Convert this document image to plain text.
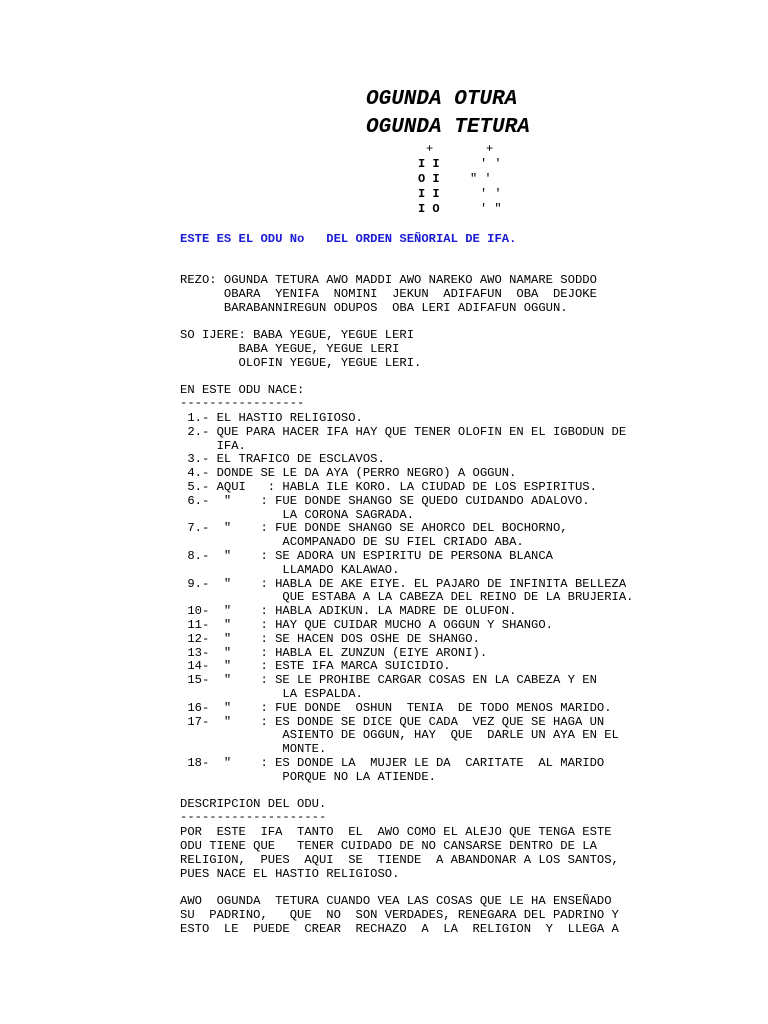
OGUNDA OTURA
OGUNDA TETURA
+	+
I I	' '
O I	" '
I I	' '
I O	' "
ESTE ES EL ODU No   DEL ORDEN SEÑORIAL DE IFA.
REZO: OGUNDA TETURA AWO MADDI AWO NAREKO AWO NAMARE SODDO
OBARA  YENIFA  NOMINI  JEKUN  ADIFAFUN  OBA  DEJOKE
BARABANNIREGUN ODUPOS  OBA LERI ADIFAFUN OGGUN.
SO IJERE: BABA YEGUE, YEGUE LERI
BABA YEGUE, YEGUE LERI
OLOFIN YEGUE, YEGUE LERI.
EN ESTE ODU NACE:
-----------------
1.- EL HASTIO RELIGIOSO.
2.- QUE PARA HACER IFA HAY QUE TENER OLOFIN EN EL IGBODUN DE
IFA.
3.- EL TRAFICO DE ESCLAVOS.
4.- DONDE SE LE DA AYA (PERRO NEGRO) A OGGUN.
5.- AQUI   : HABLA ILE KORO. LA CIUDAD DE LOS ESPIRITUS.
6.-  "    : FUE DONDE SHANGO SE QUEDO CUIDANDO ADALOVO.
LA CORONA SAGRADA.
7.-  "    : FUE DONDE SHANGO SE AHORCO DEL BOCHORNO,
ACOMPANADO DE SU FIEL CRIADO ABA.
8.-  "    : SE ADORA UN ESPIRITU DE PERSONA BLANCA
LLAMADO KALAWAO.
9.-  "    : HABLA DE AKE EIYE. EL PAJARO DE INFINITA BELLEZA
QUE ESTABA A LA CABEZA DEL REINO DE LA BRUJERIA.
10-  "    : HABLA ADIKUN. LA MADRE DE OLUFON.
11-  "    : HAY QUE CUIDAR MUCHO A OGGUN Y SHANGO.
12-  "    : SE HACEN DOS OSHE DE SHANGO.
13-  "    : HABLA EL ZUNZUN (EIYE ARONI).
14-  "    : ESTE IFA MARCA SUICIDIO.
15-  "    : SE LE PROHIBE CARGAR COSAS EN LA CABEZA Y EN
LA ESPALDA.
16-  "    : FUE DONDE  OSHUN  TENIA  DE TODO MENOS MARIDO.
17-  "    : ES DONDE SE DICE QUE CADA  VEZ QUE SE HAGA UN
ASIENTO DE OGGUN, HAY  QUE  DARLE UN AYA EN EL
MONTE.
18-  "    : ES DONDE LA  MUJER LE DA  CARITATE  AL MARIDO
PORQUE NO LA ATIENDE.
DESCRIPCION DEL ODU.
--------------------
POR  ESTE  IFA  TANTO  EL  AWO COMO EL ALEJO QUE TENGA ESTE
ODU TIENE QUE   TENER CUIDADO DE NO CANSARSE DENTRO DE LA
RELIGION,  PUES  AQUI  SE  TIENDE  A ABANDONAR A LOS SANTOS,
PUES NACE EL HASTIO RELIGIOSO.
AWO  OGUNDA  TETURA CUANDO VEA LAS COSAS QUE LE HA ENSEÑADO
SU  PADRINO,   QUE  NO  SON VERDADES, RENEGARA DEL PADRINO Y
ESTO  LE  PUEDE  CREAR  RECHAZO  A  LA  RELIGION  Y  LLEGA A
